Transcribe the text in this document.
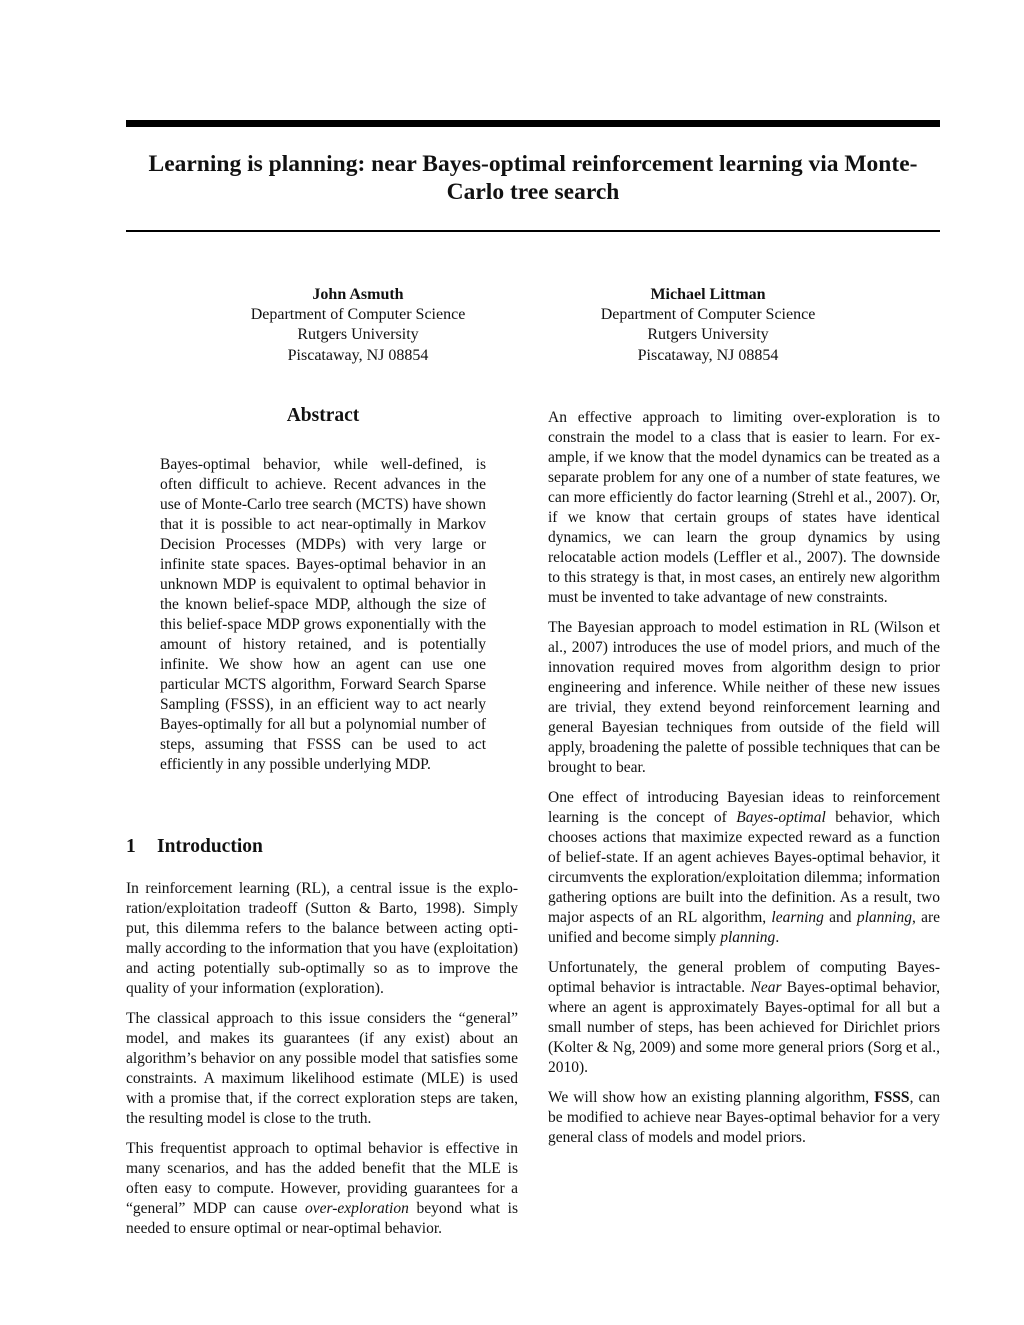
Learning is planning: near Bayes-optimal reinforcement learning via Monte-Carlo tree search
John Asmuth
Department of Computer Science
Rutgers University
Piscataway, NJ 08854
Michael Littman
Department of Computer Science
Rutgers University
Piscataway, NJ 08854
Abstract

Bayes-optimal behavior, while well-defined, is often difficult to achieve. Recent advances in the use of Monte-Carlo tree search (MCTS) have shown that it is possible to act near-optimally in Markov Decision Processes (MDPs) with very large or infinite state spaces. Bayes-optimal behavior in an unknown MDP is equivalent to optimal behavior in the known belief-space MDP, although the size of this belief-space MDP grows exponentially with the amount of history retained, and is potentially infinite. We show how an agent can use one particular MCTS algorithm, Forward Search Sparse Sampling (FSSS), in an efficient way to act nearly Bayes-optimally for all but a polynomial number of steps, assuming that FSSS can be used to act efficiently in any possible underlying MDP.

1 Introduction

In reinforcement learning (RL), a central issue is the exploration/exploitation tradeoff (Sutton & Barto, 1998). Simply put, this dilemma refers to the balance between acting optimally according to the information that you have (exploitation) and acting potentially sub-optimally so as to improve the quality of your information (exploration).

The classical approach to this issue considers the “general” model, and makes its guarantees (if any exist) about an algorithm’s behavior on any possible model that satisfies some constraints. A maximum likelihood estimate (MLE) is used with a promise that, if the correct exploration steps are taken, the resulting model is close to the truth.

This frequentist approach to optimal behavior is effective in many scenarios, and has the added benefit that the MLE is often easy to compute. However, providing guarantees for a “general” MDP can cause over-exploration beyond what is needed to ensure optimal or near-optimal behavior.

An effective approach to limiting over-exploration is to constrain the model to a class that is easier to learn. For example, if we know that the model dynamics can be treated as a separate problem for any one of a number of state features, we can more efficiently do factor learning (Strehl et al., 2007). Or, if we know that certain groups of states have identical dynamics, we can learn the group dynamics by using relocatable action models (Leffler et al., 2007). The downside to this strategy is that, in most cases, an entirely new algorithm must be invented to take advantage of new constraints.

The Bayesian approach to model estimation in RL (Wilson et al., 2007) introduces the use of model priors, and much of the innovation required moves from algorithm design to prior engineering and inference. While neither of these new issues are trivial, they extend beyond reinforcement learning and general Bayesian techniques from outside of the field will apply, broadening the palette of possible techniques that can be brought to bear.

One effect of introducing Bayesian ideas to reinforcement learning is the concept of Bayes-optimal behavior, which chooses actions that maximize expected reward as a function of belief-state. If an agent achieves Bayes-optimal behavior, it circumvents the exploration/exploitation dilemma; information gathering options are built into the definition. As a result, two major aspects of an RL algorithm, learning and planning, are unified and become simply planning.

Unfortunately, the general problem of computing Bayes-optimal behavior is intractable. Near Bayes-optimal behavior, where an agent is approximately Bayes-optimal for all but a small number of steps, has been achieved for Dirichlet priors (Kolter & Ng, 2009) and some more general priors (Sorg et al., 2010).

We will show how an existing planning algorithm, FSSS, can be modified to achieve near Bayes-optimal behavior for a very general class of models and model priors.
